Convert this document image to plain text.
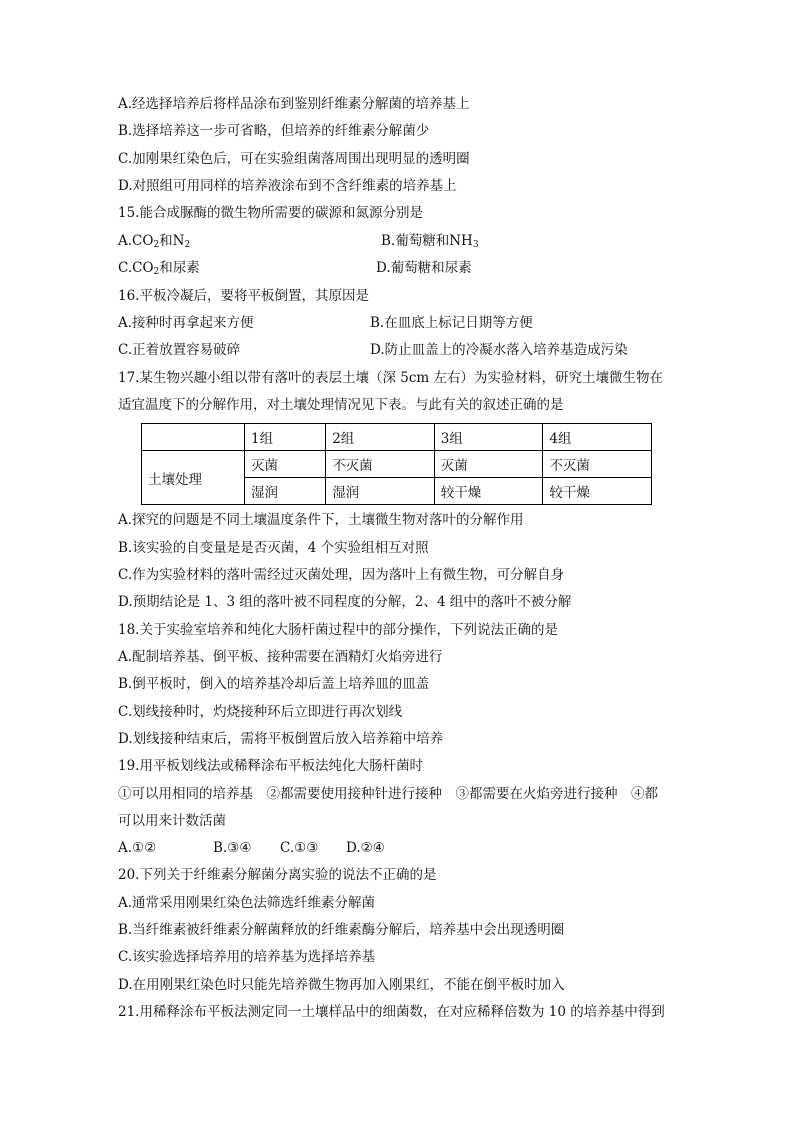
A.经选择培养后将样品涂布到鉴别纤维素分解菌的培养基上
B.选择培养这一步可省略，但培养的纤维素分解菌少
C.加刚果红染色后，可在实验组菌落周围出现明显的透明圈
D.对照组可用同样的培养液涂布到不含纤维素的培养基上
15.能合成脲酶的微生物所需要的碳源和氮源分别是
$A.CO_2$和$N_2$	B.葡萄糖和$NH_3$
$C.CO_2$和尿素	D.葡萄糖和尿素
16.平板冷凝后，要将平板倒置，其原因是
A.接种时再拿起来方便	B.在皿底上标记日期等方便
C.正着放置容易破碎	D.防止皿盖上的冷凝水落入培养基造成污染
17.某生物兴趣小组以带有落叶的表层土壤（深 5cm 左右）为实验材料，研究土壤微生物在
适宜温度下的分解作用，对土壤处理情况见下表。与此有关的叙述正确的是
	1组	2组	3组	4组
土壤处理	灭菌	不灭菌	灭菌	不灭菌
	湿润	湿润	较干燥	较干燥
A.探究的问题是不同土壤温度条件下，土壤微生物对落叶的分解作用
B.该实验的自变量是是否灭菌，4 个实验组相互对照
C.作为实验材料的落叶需经过灭菌处理，因为落叶上有微生物，可分解自身
D.预期结论是 1、3 组的落叶被不同程度的分解，2、4 组中的落叶不被分解
18.关于实验室培养和纯化大肠杆菌过程中的部分操作，下列说法正确的是
A.配制培养基、倒平板、接种需要在酒精灯火焰旁进行
B.倒平板时，倒入的培养基冷却后盖上培养皿的皿盖
C.划线接种时，灼烧接种环后立即进行再次划线
D.划线接种结束后，需将平板倒置后放入培养箱中培养
19.用平板划线法或稀释涂布平板法纯化大肠杆菌时
①可以用相同的培养基　②都需要使用接种针进行接种　③都需要在火焰旁进行接种　④都
可以用来计数活菌
A.①②	B.③④ C.①③ D.②④
20.下列关于纤维素分解菌分离实验的说法不正确的是
A.通常采用刚果红染色法筛选纤维素分解菌
B.当纤维素被纤维素分解菌释放的纤维素酶分解后，培养基中会出现透明圈
C.该实验选择培养用的培养基为选择培养基
D.在用刚果红染色时只能先培养微生物再加入刚果红，不能在倒平板时加入
21.用稀释涂布平板法测定同一土壤样品中的细菌数，在对应稀释倍数为 10 的培养基中得到
